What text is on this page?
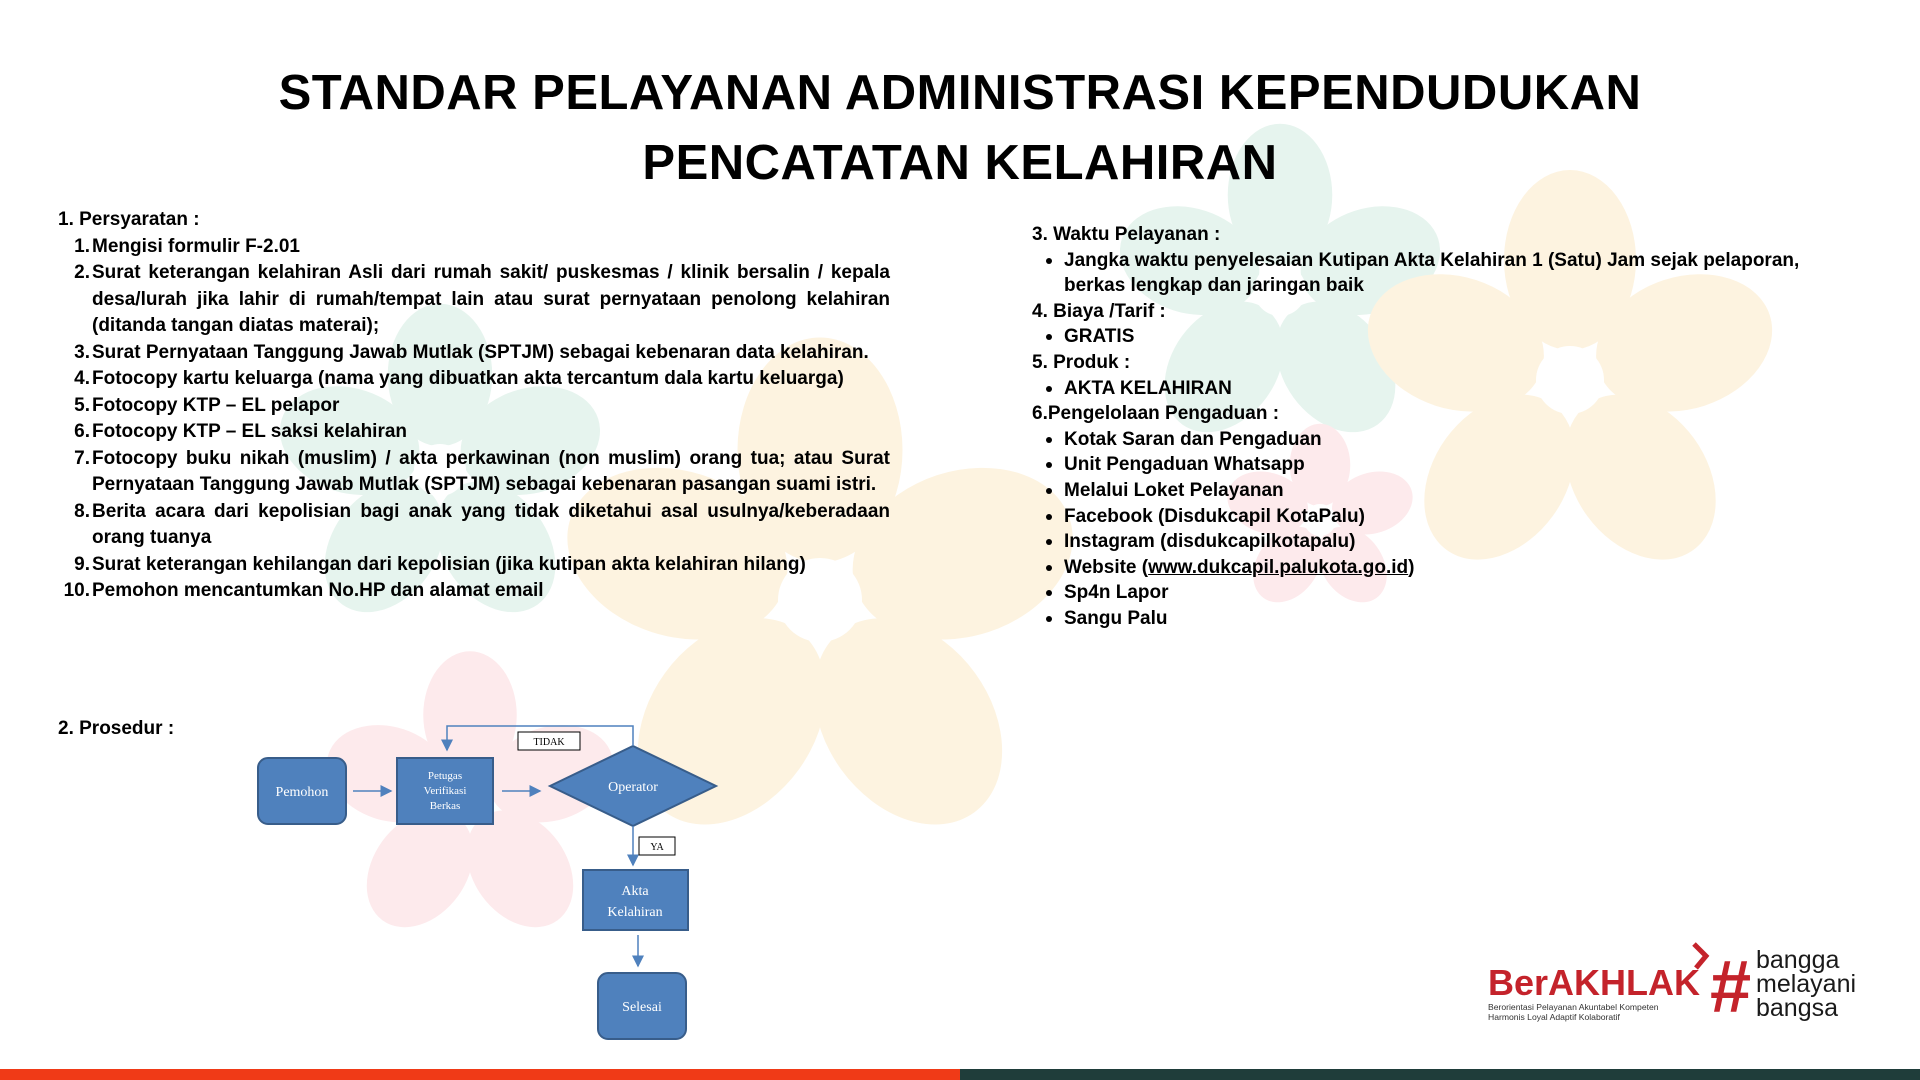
STANDAR PELAYANAN ADMINISTRASI KEPENDUDUKAN
PENCATATAN KELAHIRAN
1. Persyaratan :
Mengisi formulir F-2.01
Surat keterangan kelahiran Asli dari rumah sakit/ puskesmas / klinik bersalin / kepala desa/lurah jika lahir di rumah/tempat lain atau surat pernyataan penolong kelahiran (ditanda tangan diatas materai);
Surat Pernyataan Tanggung Jawab Mutlak (SPTJM) sebagai kebenaran data kelahiran.
Fotocopy kartu keluarga (nama yang dibuatkan akta tercantum dala kartu keluarga)
Fotocopy KTP – EL pelapor
Fotocopy KTP – EL saksi kelahiran
Fotocopy buku nikah (muslim) / akta perkawinan (non muslim) orang tua; atau Surat Pernyataan Tanggung Jawab Mutlak (SPTJM) sebagai kebenaran pasangan suami istri.
Berita acara dari kepolisian bagi anak yang tidak diketahui asal usulnya/keberadaan orang tuanya
Surat keterangan kehilangan dari kepolisian (jika kutipan akta kelahiran hilang)
Pemohon mencantumkan No.HP dan alamat email
2. Prosedur :
Pemohon
Petugas
Verifikasi
Berkas
Operator
TIDAK
YA
Akta
Kelahiran
Selesai
3. Waktu Pelayanan :
Jangka waktu penyelesaian Kutipan Akta Kelahiran 1 (Satu) Jam sejak pelaporan, berkas lengkap dan jaringan baik
4. Biaya /Tarif :
GRATIS
5. Produk :
AKTA KELAHIRAN
6.Pengelolaan Pengaduan :
Kotak Saran dan Pengaduan
Unit Pengaduan Whatsapp
Melalui Loket Pelayanan
Facebook (Disdukcapil KotaPalu)
Instagram (disdukcapilkotapalu)
Website (www.dukcapil.palukota.go.id)
Sp4n Lapor
Sangu Palu
BerAKHLAK
Berorientasi Pelayanan Akuntabel Kompeten
Harmonis Loyal Adaptif Kolaboratif # bangga
melayani
bangsa
